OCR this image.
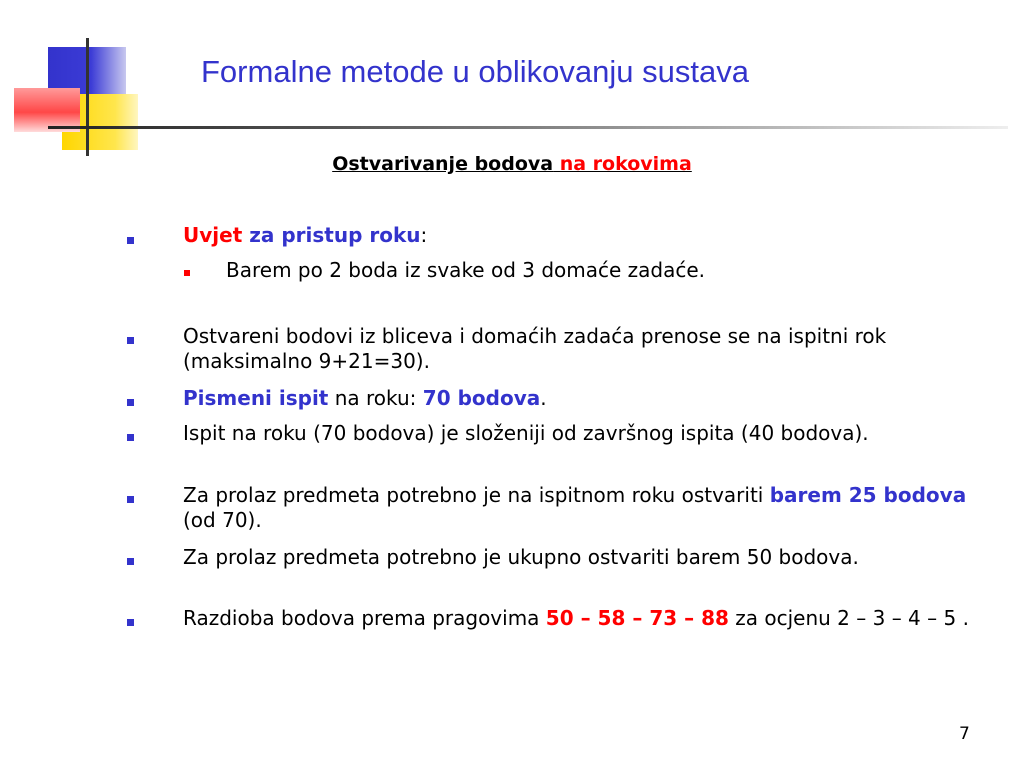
Formalne metode u oblikovanju sustava

Ostvarivanje bodova na rokovima

Uvjet za pristup roku:
Barem po 2 boda iz svake od 3 domaće zadaće.
Ostvareni bodovi iz bliceva i domaćih zadaća prenose se na ispitni rok (maksimalno 9+21=30).
Pismeni ispit na roku: 70 bodova.
Ispit na roku (70 bodova) je složeniji od završnog ispita (40 bodova).
Za prolaz predmeta potrebno je na ispitnom roku ostvariti barem 25 bodova (od 70).
Za prolaz predmeta potrebno je ukupno ostvariti barem 50 bodova.
Razdioba bodova prema pragovima 50 – 58 – 73 – 88 za ocjenu 2 – 3 – 4 – 5 .
7
